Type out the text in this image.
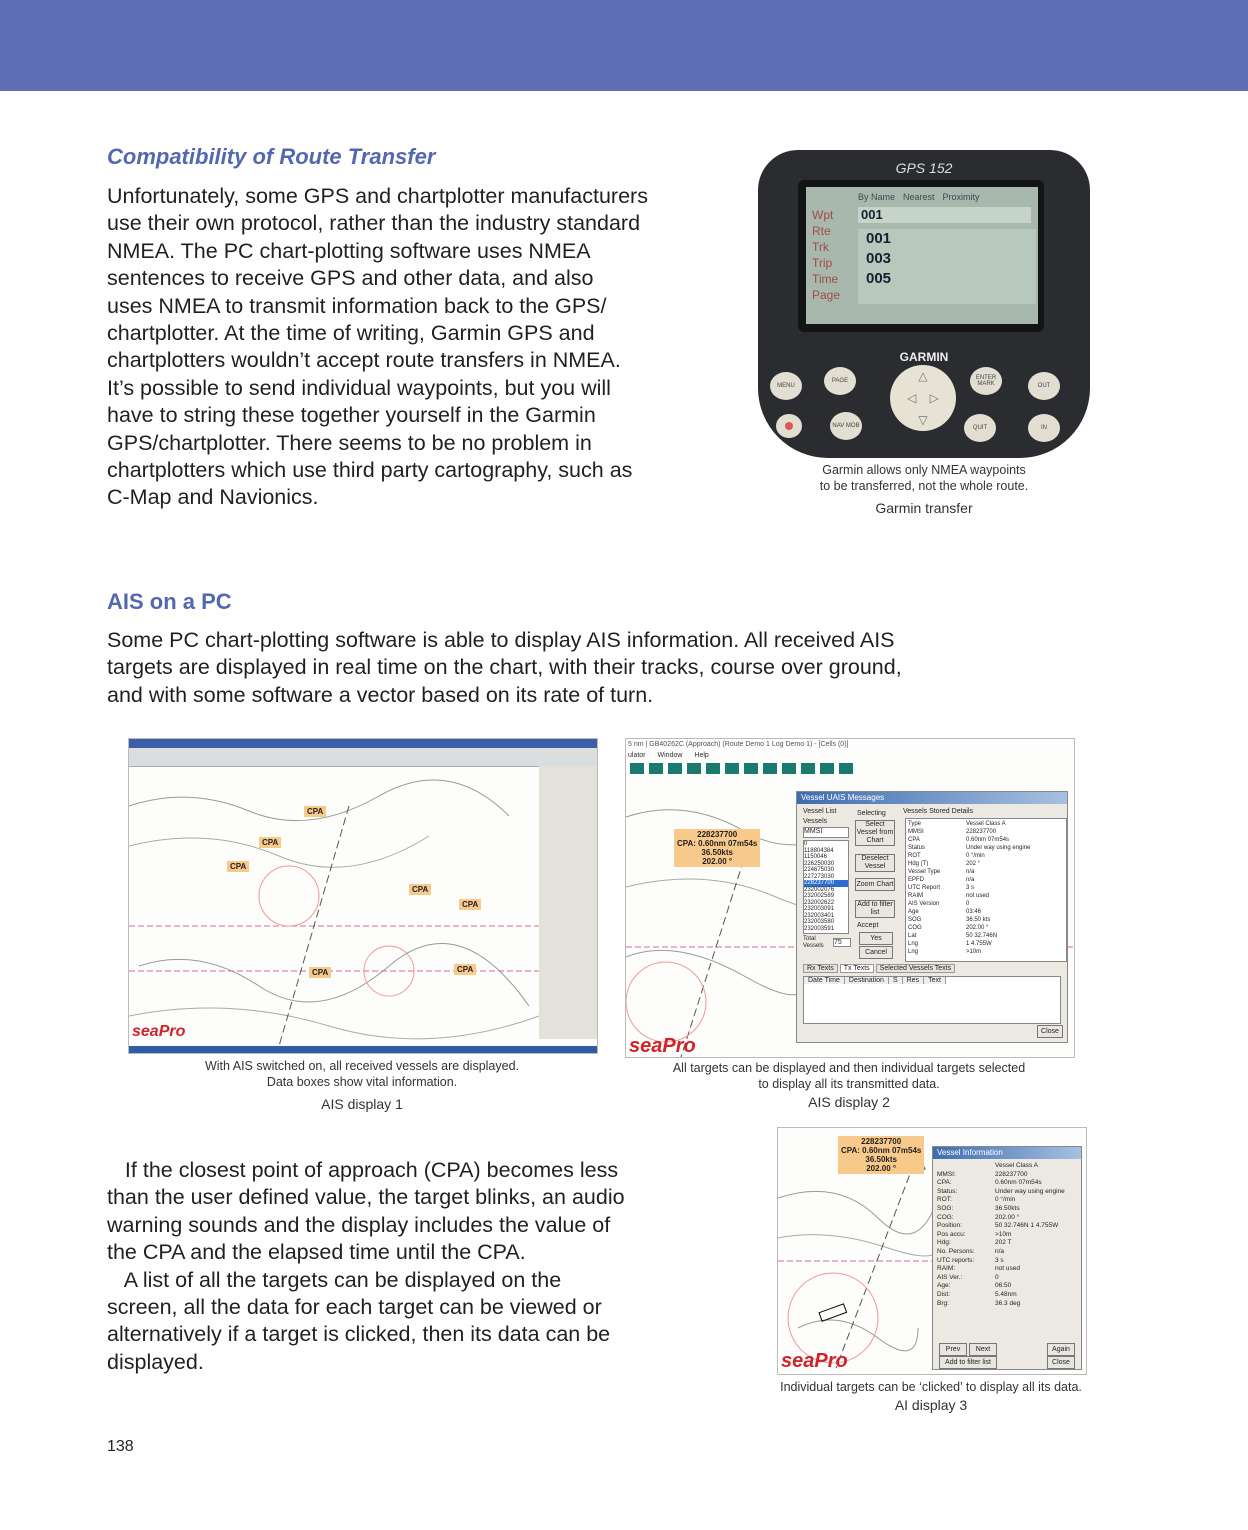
Compatibility of Route Transfer
Unfortunately, some GPS and chartplotter manufacturers
use their own protocol, rather than the industry standard
NMEA. The PC chart-plotting software uses NMEA
sentences to receive GPS and other data, and also
uses NMEA to transmit information back to the GPS/
chartplotter. At the time of writing, Garmin GPS and
chartplotters wouldn’t accept route transfers in NMEA.
It’s possible to send individual waypoints, but you will
have to string these together yourself in the Garmin
GPS/chartplotter. There seems to be no problem in
chartplotters which use third party cartography, such as
C-Map and Navionics.
GPS 152
Wpt
Rte
Trk
Trip
Time
Page
By Name Nearest Proximity
001
001
003
005
GARMIN
△
◁    ▷
▽
MENU
PAGE	ENTER MARK	OUT
NAV MOB	QUIT	IN
Garmin allows only NMEA waypoints to be transferred, not the whole route.
Garmin transfer
AIS on a PC
Some PC chart-plotting software is able to display AIS information. All received AIS
targets are displayed in real time on the chart, with their tracks, course over ground,
and with some software a vector based on its rate of turn.
CPA
CPA
CPA
CPA
CPA
CPA	CPA
seaPro
With AIS switched on, all received vessels are displayed.
Data boxes show vital information.
AIS display 1
5 nm | GB40262C (Approach) (Route Demo 1 Log Demo 1) - [Cells (0)]
ulator Window Help
228237700
CPA: 0.60nm 07m54s
36.50kts
202.00 °
seaPro
Vessel UAIS Messages
Vessel List
Vessels
MMSI
0
118804384
1150046
226250030
224675030
227273030
228237700
232002076
232002589
232002622
232003091
232003401
232003580
232003591
Total Vessels	75
Selecting
Select Vessel from Chart
Deselect Vessel
Zoom Chart
Add to filter list
Accept
Yes
Cancel
Vessels Stored Details
Type	Vessel Class A
MMSI	228237700
CPA	0.60nm 07m54s
Status	Under way using engine
ROT	0 °/min
Hdg (T)	202 °
Vessel Type	n/a
EPFD	n/a
UTC Report	3 s
RAIM	not used
AIS Version	0
Age	03:46
SOG	36.50 kts
COG	202.00 °
Lat	50 32.746N
Lng	1 4.755W
Lng	>10m
Rx Texts	Tx Texts	Selected Vessels Texts
Date Time	Destination	S	Res	Text
Close
All targets can be displayed and then individual targets selected
to display all its transmitted data.
AIS display 2
If the closest point of approach (CPA) becomes less
than the user defined value, the target blinks, an audio
warning sounds and the display includes the value of
the CPA and the elapsed time until the CPA.
A list of all the targets can be displayed on the
screen, all the data for each target can be viewed or
alternatively if a target is clicked, then its data can be
displayed.
228237700
CPA: 0.60nm 07m54s
36.50kts
202.00 °
seaPro
Vessel Information
Vessel Class A
MMSI:	228237700
CPA:	0.60nm 07m54s
Status:	Under way using engine
ROT:	0 °/min
SOG:	36.50kts
COG:	202.00 °
Position:	50 32.746N 1 4.755W
Pos accu:	>10m
Hdg:	202 T
No. Persons:	n/a
UTC reports:	3 s
RAIM:	not used
AIS Ver.:	0
Age:	06:50
Dist:	5.48nm
Brg:	36.3 deg
Prev	Next	Again
Add to filter list	Close
Individual targets can be ‘clicked’ to display all its data.
AI display 3
138
